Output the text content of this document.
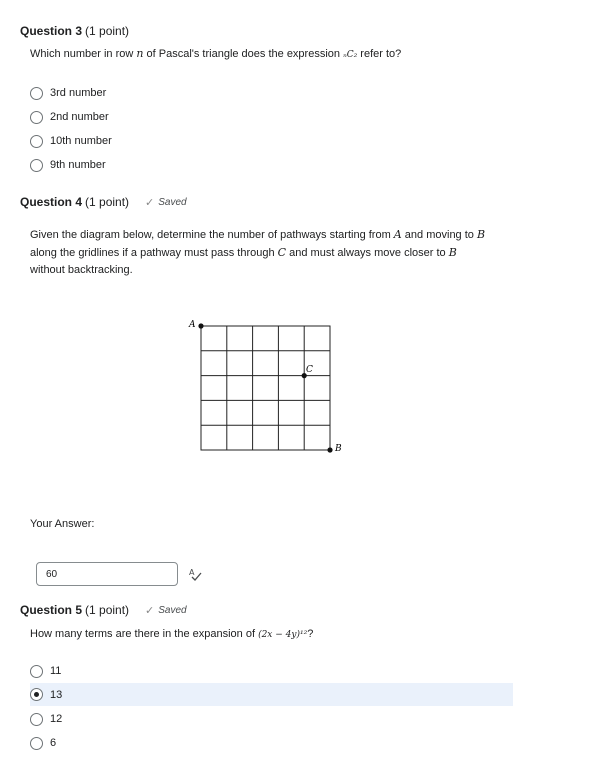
Question 3 (1 point)
Which number in row n of Pascal's triangle does the expression ₙC₂ refer to?
3rd number
2nd number
10th number
9th number
Question 4 (1 point) ✓ Saved
Given the diagram below, determine the number of pathways starting from A and moving to B
along the gridlines if a pathway must pass through C and must always move closer to B
without backtracking.
A
C
B
Your Answer:
60	A
Question 5 (1 point) ✓ Saved
How many terms are there in the expansion of (2x − 4y)¹²?
11
13
12
6
